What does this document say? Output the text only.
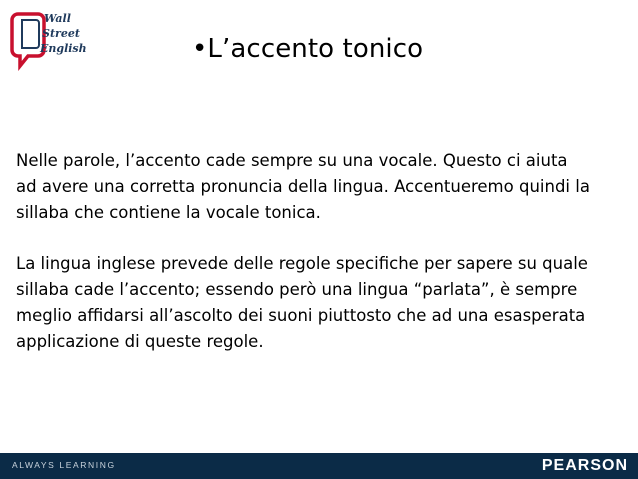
Wall
Street
English	•L’accento tonico
Nelle parole, l’accento cade sempre su una vocale. Questo ci aiuta
ad avere una corretta pronuncia della lingua. Accentueremo quindi la
sillaba che contiene la vocale tonica.
La lingua inglese prevede delle regole specifiche per sapere su quale
sillaba cade l’accento; essendo però una lingua “parlata”, è sempre
meglio affidarsi all’ascolto dei suoni piuttosto che ad una esasperata
applicazione di queste regole.
ALWAYS LEARNING	PEARSON
